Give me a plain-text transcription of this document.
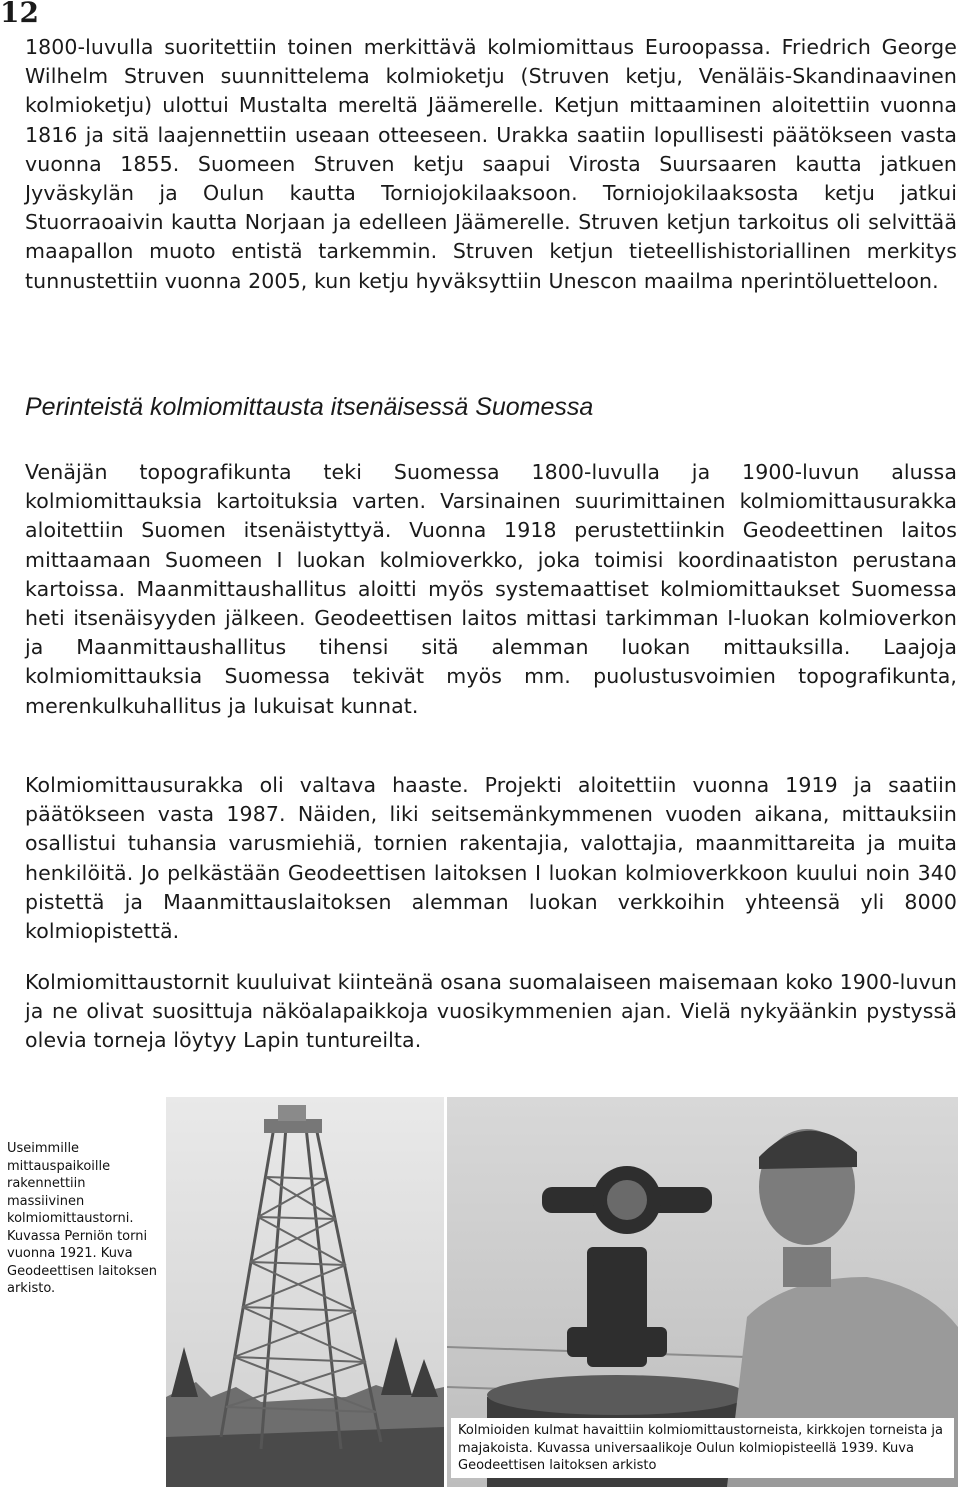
12

1800-luvulla suoritettiin toinen merkittävä kolmiomittaus Euroopassa. Friedrich George Wilhelm Struven suunnittelema kolmioketju (Struven ketju, Venäläis-Skandinaavinen kolmioketju) ulottui Mustalta mereltä Jäämerelle. Ketjun mittaaminen aloitettiin vuonna 1816 ja sitä laajennettiin useaan otteeseen. Urakka saatiin lopullisesti päätökseen vasta vuonna 1855. Suomeen Struven ketju saapui Virosta Suursaaren kautta jatkuen Jyväskylän ja Oulun kautta Torniojokilaaksoon. Torniojokilaaksosta ketju jatkui Stuorraoaivin kautta Norjaan ja edelleen Jäämerelle. Struven ketjun tarkoitus oli selvittää maapallon muoto entistä tarkemmin. Struven ketjun tieteellishistoriallinen merkitys tunnustettiin vuonna 2005, kun ketju hyväksyttiin Unescon maailma nperintöluetteloon.

Perinteistä kolmiomittausta itsenäisessä Suomessa

Venäjän topografikunta teki Suomessa 1800-luvulla ja 1900-luvun alussa kolmiomittauksia kartoituksia varten. Varsinainen suurimittainen kolmiomittausurakka aloitettiin Suomen itsenäistyttyä. Vuonna 1918 perustettiinkin Geodeettinen laitos mittaamaan Suomeen I luokan kolmioverkko, joka toimisi koordinaatiston perustana kartoissa. Maanmittaushallitus aloitti myös systemaattiset kolmiomittaukset Suomessa heti itsenäisyyden jälkeen. Geodeettisen laitos mittasi tarkimman I-luokan kolmioverkon ja Maanmittaushallitus tihensi sitä alemman luokan mittauksilla. Laajoja kolmiomittauksia Suomessa tekivät myös mm. puolustusvoimien topografikunta, merenkulkuhallitus ja lukuisat kunnat.

Kolmiomittausurakka oli valtava haaste. Projekti aloitettiin vuonna 1919 ja saatiin päätökseen vasta 1987. Näiden, liki seitsemänkymmenen vuoden aikana, mittauksiin osallistui tuhansia varusmiehiä, tornien rakentajia, valottajia, maanmittareita ja muita henkilöitä. Jo pelkästään Geodeettisen laitoksen I luokan kolmioverkkoon kuului noin 340 pistettä ja Maanmittauslaitoksen alemman luokan verkkoihin yhteensä yli 8000 kolmiopistettä.

Kolmiomittaustornit kuuluivat kiinteänä osana suomalaiseen maisemaan koko 1900-luvun ja ne olivat suosittuja näköalapaikkoja vuosikymmenien ajan. Vielä nykyäänkin pystyssä olevia torneja löytyy Lapin tuntureilta.

Useimmille mittauspaikoille rakennettiin massiivinen kolmiomittaustorni. Kuvassa Perniön torni vuonna 1921. Kuva Geodeettisen laitoksen arkisto.
Kolmioiden kulmat havaittiin kolmiomittaustorneista, kirkkojen torneista ja majakoista. Kuvassa universaalikoje Oulun kolmiopisteellä 1939. Kuva Geodeettisen laitoksen arkisto
